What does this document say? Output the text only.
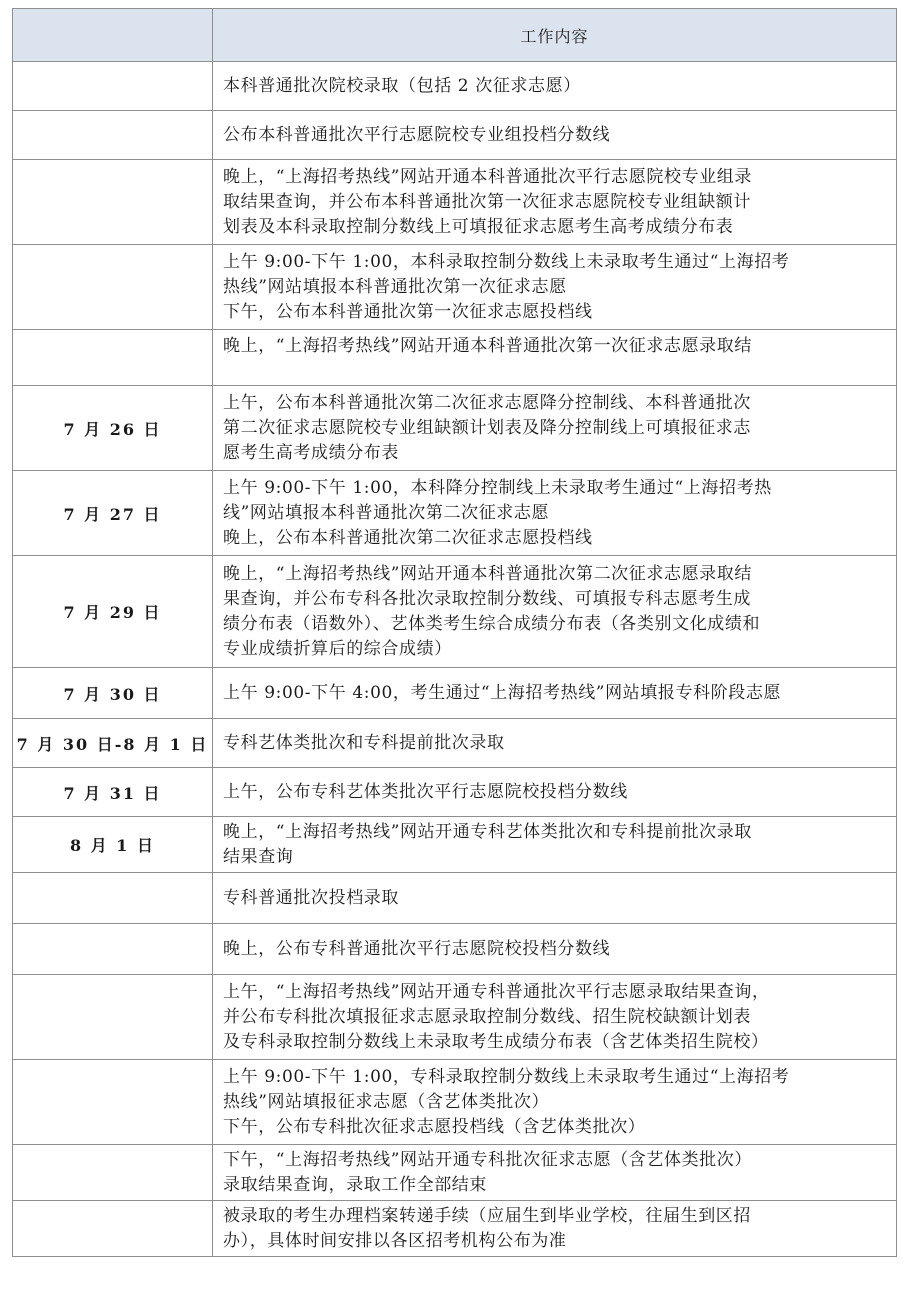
	工作内容

	本科普通批次院校录取（包括 2 次征求志愿）

	公布本科普通批次平行志愿院校专业组投档分数线

	晚上，“上海招考热线”网站开通本科普通批次平行志愿院校专业组录
取结果查询，并公布本科普通批次第一次征求志愿院校专业组缺额计
划表及本科录取控制分数线上可填报征求志愿考生高考成绩分布表

	上午 9:00-下午 1:00，本科录取控制分数线上未录取考生通过“上海招考
热线”网站填报本科普通批次第一次征求志愿
下午，公布本科普通批次第一次征求志愿投档线

	晚上，“上海招考热线”网站开通本科普通批次第一次征求志愿录取结

7 月 26 日	上午，公布本科普通批次第二次征求志愿降分控制线、本科普通批次
第二次征求志愿院校专业组缺额计划表及降分控制线上可填报征求志
愿考生高考成绩分布表

7 月 27 日	上午 9:00-下午 1:00，本科降分控制线上未录取考生通过“上海招考热
线”网站填报本科普通批次第二次征求志愿
晚上，公布本科普通批次第二次征求志愿投档线

7 月 29 日	晚上，“上海招考热线”网站开通本科普通批次第二次征求志愿录取结
果查询，并公布专科各批次录取控制分数线、可填报专科志愿考生成
绩分布表（语数外）、艺体类考生综合成绩分布表（各类别文化成绩和
专业成绩折算后的综合成绩）

7 月 30 日	上午 9:00-下午 4:00，考生通过“上海招考热线”网站填报专科阶段志愿

7 月 30 日-8 月 1 日	专科艺体类批次和专科提前批次录取

7 月 31 日	上午，公布专科艺体类批次平行志愿院校投档分数线

8 月 1 日	晚上，“上海招考热线”网站开通专科艺体类批次和专科提前批次录取
结果查询

	专科普通批次投档录取

	晚上，公布专科普通批次平行志愿院校投档分数线

	上午，“上海招考热线”网站开通专科普通批次平行志愿录取结果查询，
并公布专科批次填报征求志愿录取控制分数线、招生院校缺额计划表
及专科录取控制分数线上未录取考生成绩分布表（含艺体类招生院校）

	上午 9:00-下午 1:00，专科录取控制分数线上未录取考生通过“上海招考
热线”网站填报征求志愿（含艺体类批次）
下午，公布专科批次征求志愿投档线（含艺体类批次）

	下午，“上海招考热线”网站开通专科批次征求志愿（含艺体类批次）
录取结果查询，录取工作全部结束

	被录取的考生办理档案转递手续（应届生到毕业学校，往届生到区招
办），具体时间安排以各区招考机构公布为准
